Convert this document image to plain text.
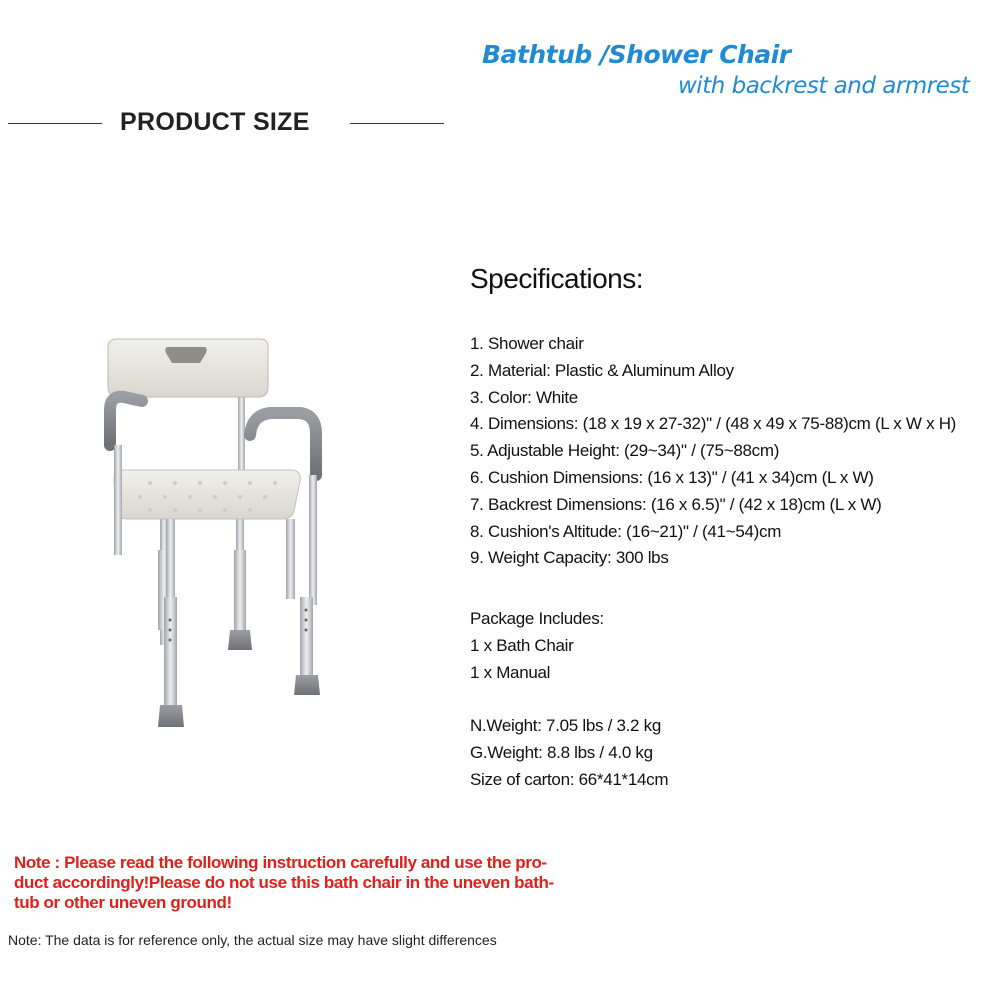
Bathtub /Shower Chair
with backrest and armrest
PRODUCT SIZE
Specifications:
1. Shower chair
2. Material: Plastic & Aluminum Alloy
3. Color: White
4. Dimensions: (18 x 19 x 27-32)" / (48 x 49 x 75-88)cm (L x W x H)
5. Adjustable Height: (29~34)" / (75~88cm)
6. Cushion Dimensions: (16 x 13)" / (41 x 34)cm (L x W)
7. Backrest Dimensions: (16 x 6.5)" / (42 x 18)cm (L x W)
8. Cushion's Altitude: (16~21)" / (41~54)cm
9. Weight Capacity: 300 lbs
Package Includes:
1 x Bath Chair
1 x Manual
N.Weight: 7.05 lbs / 3.2 kg
G.Weight: 8.8 lbs / 4.0 kg
Size of carton: 66*41*14cm
Note : Please read the following instruction carefully and use the pro-
duct accordingly!Please do not use this bath chair in the uneven bath-
tub or other uneven ground!
Note: The data is for reference only, the actual size may have slight differences
